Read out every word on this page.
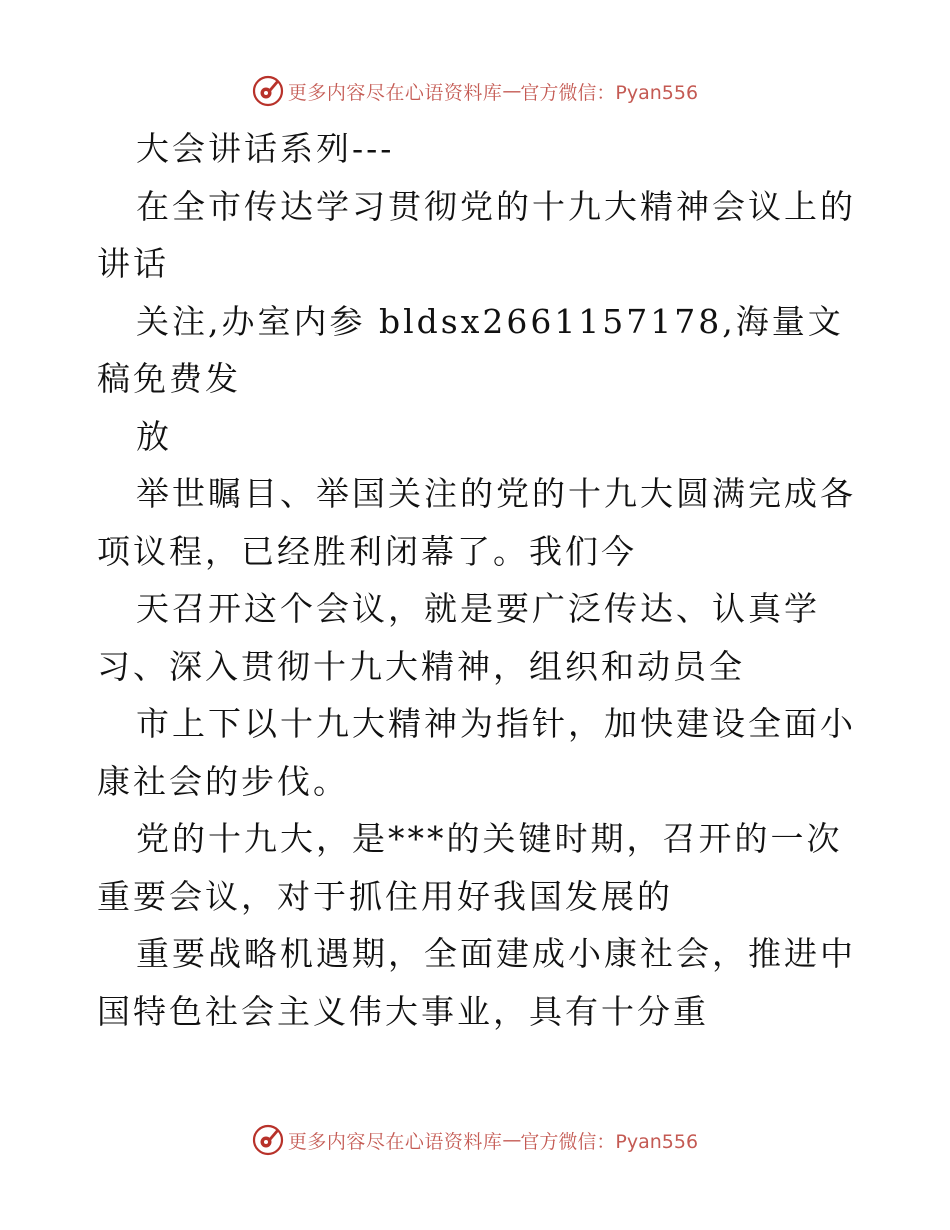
更多内容尽在心语资料库 — 官方微信：Pyan556

大会讲话系列---

在全市传达学习贯彻党的十九大精神会议上的讲话

关注,办室内参 bldsx2661157178,海量文稿免费发

放

举世瞩目、举国关注的党的十九大圆满完成各项议程，已经胜利闭幕了。我们今

天召开这个会议，就是要广泛传达、认真学习、深入贯彻十九大精神，组织和动员全

市上下以十九大精神为指针，加快建设全面小康社会的步伐。

党的十九大，是***的关键时期，召开的一次重要会议，对于抓住用好我国发展的

重要战略机遇期，全面建成小康社会，推进中国特色社会主义伟大事业，具有十分重

更多内容尽在心语资料库 — 官方微信：Pyan556
